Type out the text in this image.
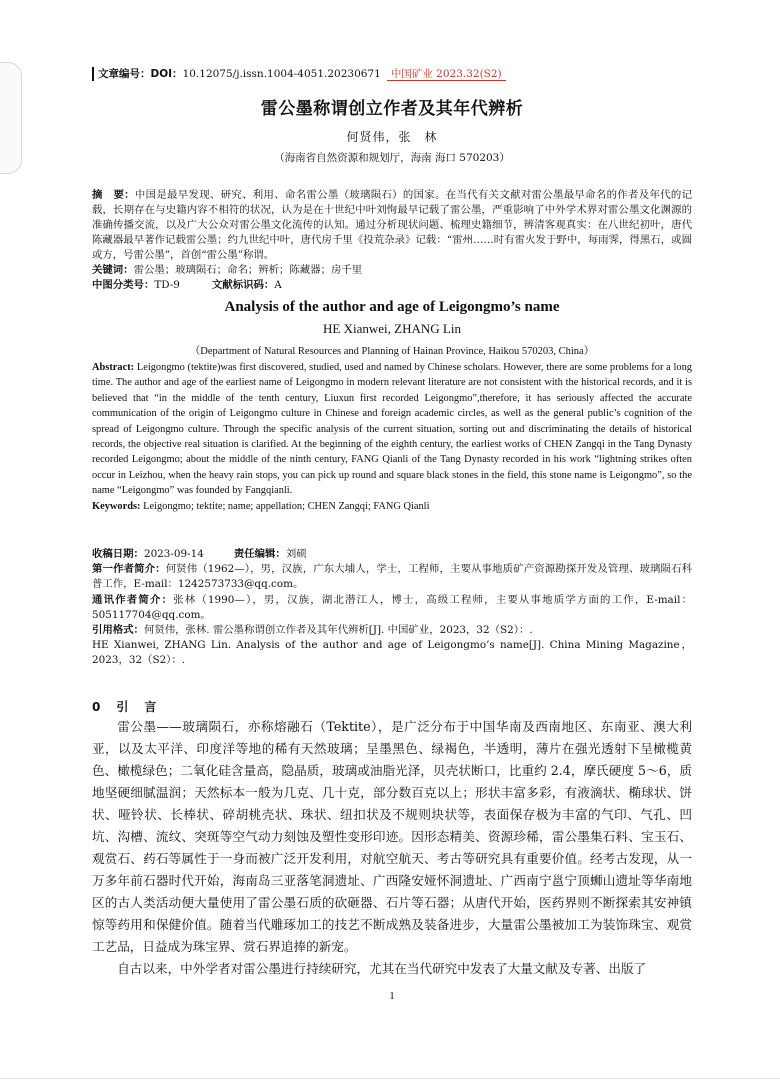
文章编号：DOI：10.12075/j.issn.1004-4051.20230671 中国矿业 2023.32(S2)
雷公墨称谓创立作者及其年代辨析
何贤伟，张　林
（海南省自然资源和规划厅，海南 海口 570203）
摘　要：中国是最早发现、研究、利用、命名雷公墨（玻璃陨石）的国家。在当代有关文献对雷公墨最早命名的作者及年代的记载，长期存在与史籍内容不相符的状况，认为是在十世纪中叶刘恂最早记载了雷公墨，严重影响了中外学术界对雷公墨文化渊源的准确传播交流，以及广大公众对雷公墨文化流传的认知。通过分析现状问题、梳理史籍细节，辨清客观真实：在八世纪初叶，唐代陈藏器最早著作记载雷公墨；约九世纪中叶，唐代房千里《投荒杂录》记载：“雷州……时有雷火发于野中，每雨霁，得黑石，或圆或方，号雷公墨”，首创“雷公墨”称谓。
关键词：雷公墨；玻璃陨石；命名；辨析；陈藏器；房千里
中图分类号：TD-9	文献标识码：A
Analysis of the author and age of Leigongmo’s name
HE Xianwei, ZHANG Lin
（Department of Natural Resources and Planning of Hainan Province, Haikou 570203, China）
Abstract: Leigongmo (tektite)was first discovered, studied, used and named by Chinese scholars. However, there are some problems for a long time. The author and age of the earliest name of Leigongmo in modern relevant literature are not consistent with the historical records, and it is believed that “in the middle of the tenth century, Liuxun first recorded Leigongmo”,therefore, it has seriously affected the accurate communication of the origin of Leigongmo culture in Chinese and foreign academic circles, as well as the general public’s cognition of the spread of Leigongmo culture. Through the specific analysis of the current situation, sorting out and discriminating the details of historical records, the objective real situation is clarified. At the beginning of the eighth century, the earliest works of CHEN Zangqi in the Tang Dynasty recorded Leigongmo; about the middle of the ninth century, FANG Qianli of the Tang Dynasty recorded in his work “lightning strikes often occur in Leizhou, when the heavy rain stops, you can pick up round and square black stones in the field, this stone name is Leigongmo”, so the name “Leigongmo” was founded by Fangqianli.
Keywords: Leigongmo; tektite; name; appellation; CHEN Zangqi; FANG Qianli
收稿日期：2023-09-14	责任编辑：刘硕
第一作者简介：何贤伟（1962—），男，汉族，广东大埔人，学士，工程师，主要从事地质矿产资源勘探开发及管理、玻璃陨石科普工作，E-mail：1242573733@qq.com。
通讯作者简介：张林（1990—），男，汉族，湖北潜江人，博士，高级工程师，主要从事地质学方面的工作，E-mail：505117704@qq.com。
引用格式：何贤伟，张林. 雷公墨称谓创立作者及其年代辨析[J]. 中国矿业，2023，32（S2）：.
HE Xianwei, ZHANG Lin. Analysis of the author and age of Leigongmo’s name[J]. China Mining Magazine，2023，32（S2）：.
0　引　言

雷公墨——玻璃陨石，亦称熔融石（Tektite），是广泛分布于中国华南及西南地区、东南亚、澳大利亚，以及太平洋、印度洋等地的稀有天然玻璃；呈墨黑色、绿褐色，半透明，薄片在强光透射下呈橄榄黄色、橄榄绿色；二氧化硅含量高，隐晶质，玻璃或油脂光泽，贝壳状断口，比重约 2.4，摩氏硬度 5～6，质地坚硬细腻温润；天然标本一般为几克、几十克，部分数百克以上；形状丰富多彩，有液滴状、椭球状、饼状、哑铃状、长棒状、碎胡桃壳状、珠状、纽扣状及不规则块状等，表面保存极为丰富的气印、气孔、凹坑、沟槽、流纹、突斑等空气动力刻蚀及塑性变形印迹。因形态精美、资源珍稀，雷公墨集石料、宝玉石、观赏石、药石等属性于一身而被广泛开发利用，对航空航天、考古等研究具有重要价值。经考古发现，从一万多年前石器时代开始，海南岛三亚落笔洞遗址、广西隆安娅怀洞遗址、广西南宁邕宁顶蛳山遗址等华南地区的古人类活动便大量使用了雷公墨石质的砍砸器、石片等石器；从唐代开始，医药界则不断探索其安神镇惊等药用和保健价值。随着当代雕琢加工的技艺不断成熟及装备进步，大量雷公墨被加工为装饰珠宝、观赏工艺品，日益成为珠宝界、赏石界追捧的新宠。

自古以来，中外学者对雷公墨进行持续研究，尤其在当代研究中发表了大量文献及专著、出版了

1
